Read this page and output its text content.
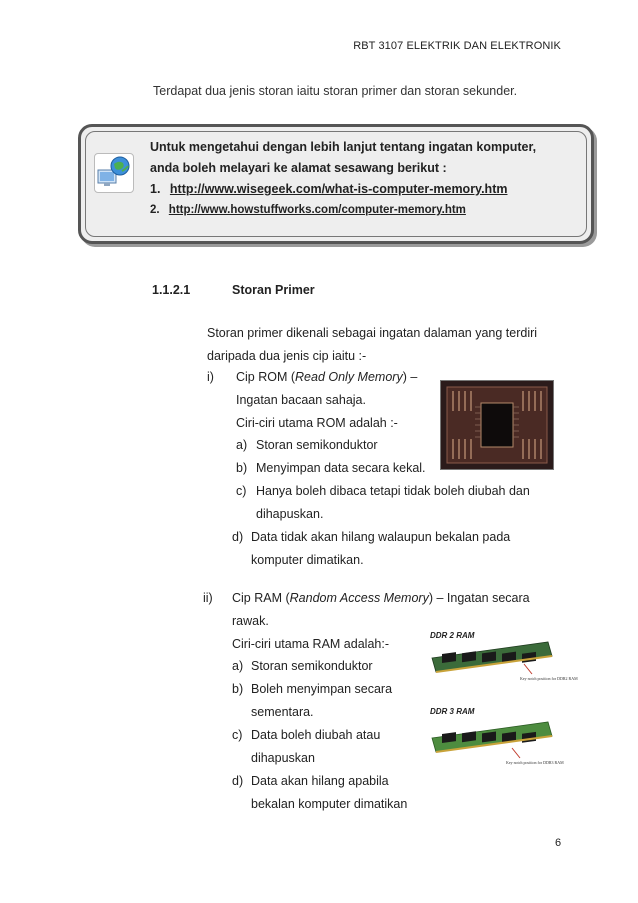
RBT 3107 ELEKTRIK DAN ELEKTRONIK
Terdapat dua jenis storan iaitu storan primer dan storan sekunder.
Untuk mengetahui dengan lebih lanjut tentang ingatan komputer,
anda boleh melayari ke alamat sesawang berikut :
1. http://www.wisegeek.com/what-is-computer-memory.htm
2. http://www.howstuffworks.com/computer-memory.htm
1.1.2.1	Storan Primer
Storan primer dikenali sebagai ingatan dalaman yang terdiri
daripada dua jenis cip iaitu :-
i) Cip ROM (Read Only Memory) –
Ingatan bacaan sahaja.
Ciri-ciri utama ROM adalah :-
a) Storan semikonduktor
b) Menyimpan data secara kekal.
c) Hanya boleh dibaca tetapi tidak boleh diubah dan
dihapuskan.
d) Data tidak akan hilang walaupun bekalan pada
komputer dimatikan.
ii) Cip RAM (Random Access Memory) – Ingatan secara
rawak.
Ciri-ciri utama RAM adalah:-
a) Storan semikonduktor
b) Boleh menyimpan secara
sementara.
c) Data boleh diubah atau
dihapuskan
d) Data akan hilang apabila
bekalan komputer dimatikan
DDR 2 RAM
Key notch position for DDR2 RAM
DDR 3 RAM
Key notch position for DDR3 RAM
6
